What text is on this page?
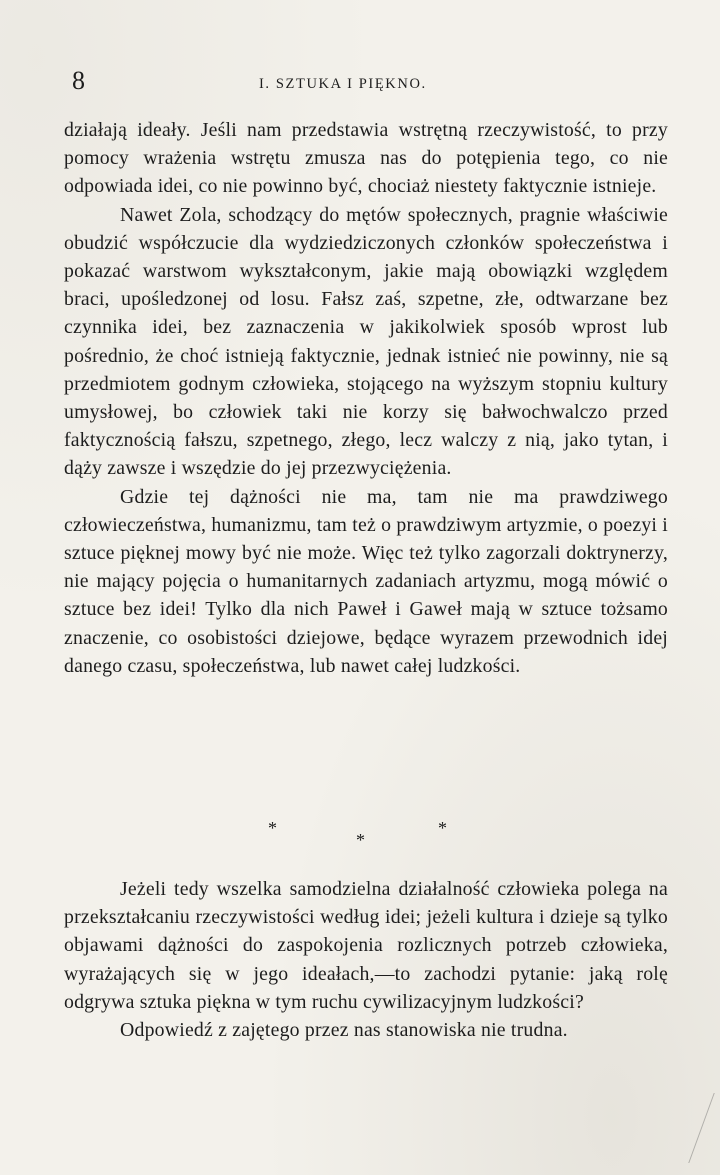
8	I. SZTUKA I PIĘKNO.

działają ideały. Jeśli nam przedstawia wstrętną rzeczywistość, to przy pomocy wrażenia wstrętu zmusza nas do potępienia tego, co nie odpowiada idei, co nie powinno być, chociaż niestety faktycznie istnieje.

Nawet Zola, schodzący do mętów społecznych, pragnie właściwie obudzić współczucie dla wydziedziczonych członków społeczeństwa i pokazać warstwom wykształconym, jakie mają obowiązki względem braci, upośledzonej od losu. Fałsz zaś, szpetne, złe, odtwarzane bez czynnika idei, bez zaznaczenia w jakikolwiek sposób wprost lub pośrednio, że choć istnieją faktycznie, jednak istnieć nie powinny, nie są przedmiotem godnym człowieka, stojącego na wyższym stopniu kultury umysłowej, bo człowiek taki nie korzy się bałwochwalczo przed faktycznością fałszu, szpetnego, złego, lecz walczy z nią, jako tytan, i dąży zawsze i wszędzie do jej przezwyciężenia.

Gdzie tej dążności nie ma, tam nie ma prawdziwego człowieczeństwa, humanizmu, tam też o prawdziwym artyzmie, o poezyi i sztuce pięknej mowy być nie może. Więc też tylko zagorzali doktrynerzy, nie mający pojęcia o humanitarnych zadaniach artyzmu, mogą mówić o sztuce bez idei! Tylko dla nich Paweł i Gaweł mają w sztuce tożsamo znaczenie, co osobistości dziejowe, będące wyrazem przewodnich idej danego czasu, społeczeństwa, lub nawet całej ludzkości.

*
*
*

Jeżeli tedy wszelka samodzielna działalność człowieka polega na przekształcaniu rzeczywistości według idei; jeżeli kultura i dzieje są tylko objawami dążności do zaspokojenia rozlicznych potrzeb człowieka, wyrażających się w jego ideałach,—to zachodzi pytanie: jaką rolę odgrywa sztuka piękna w tym ruchu cywilizacyjnym ludzkości?

Odpowiedź z zajętego przez nas stanowiska nie trudna.
